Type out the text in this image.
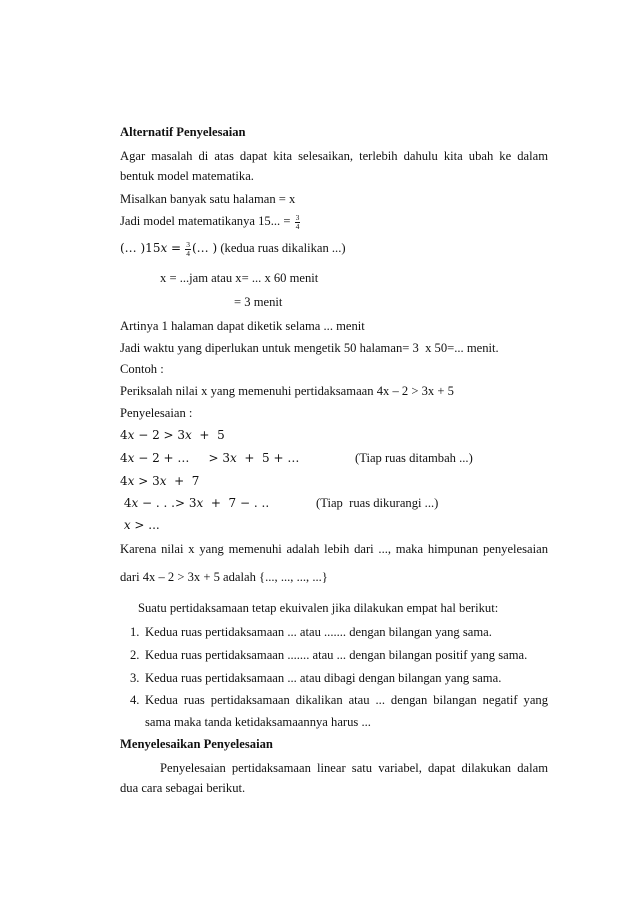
Alternatif Penyelesaian
Agar masalah di atas dapat kita selesaikan, terlebih dahulu kita ubah ke dalam
bentuk model matematika.
Misalkan banyak satu halaman = x
Jadi model matematikanya 15... = $\frac{3}{4}$
(… )15𝑥 = $\frac{3}{4}$ (… ) (kedua ruas dikalikan ...)
x = ...jam atau x= ... x 60 menit
= 3 menit
Artinya 1 halaman dapat diketik selama ... menit
Jadi waktu yang diperlukan untuk mengetik 50 halaman= 3  x 50=... menit.
Contoh :
Periksalah nilai x yang memenuhi pertidaksamaan 4x – 2 > 3x + 5
Penyelesaian :
4𝑥 − 2 > 3𝑥  +  5
4𝑥 − 2 + …     > 3𝑥  +  5 + …	(Tiap ruas ditambah ...)
4𝑥 > 3𝑥  +  7
4𝑥 − . . .> 3𝑥  +  7 − . ..	(Tiap  ruas dikurangi ...)
𝑥 > ...
Karena nilai x yang memenuhi adalah lebih dari ..., maka himpunan penyelesaian
dari 4x – 2 > 3x + 5 adalah {..., ..., ..., ...}
Suatu pertidaksamaan tetap ekuivalen jika dilakukan empat hal berikut:
1. Kedua ruas pertidaksamaan ... atau ....... dengan bilangan yang sama.
2. Kedua ruas pertidaksamaan ....... atau ... dengan bilangan positif yang sama.
3. Kedua ruas pertidaksamaan ... atau dibagi dengan bilangan yang sama.
4. Kedua ruas pertidaksamaan dikalikan atau ... dengan bilangan negatif yang
sama maka tanda ketidaksamaannya harus ...
Menyelesaikan Penyelesaian
Penyelesaian pertidaksamaan linear satu variabel, dapat dilakukan dalam
dua cara sebagai berikut.
